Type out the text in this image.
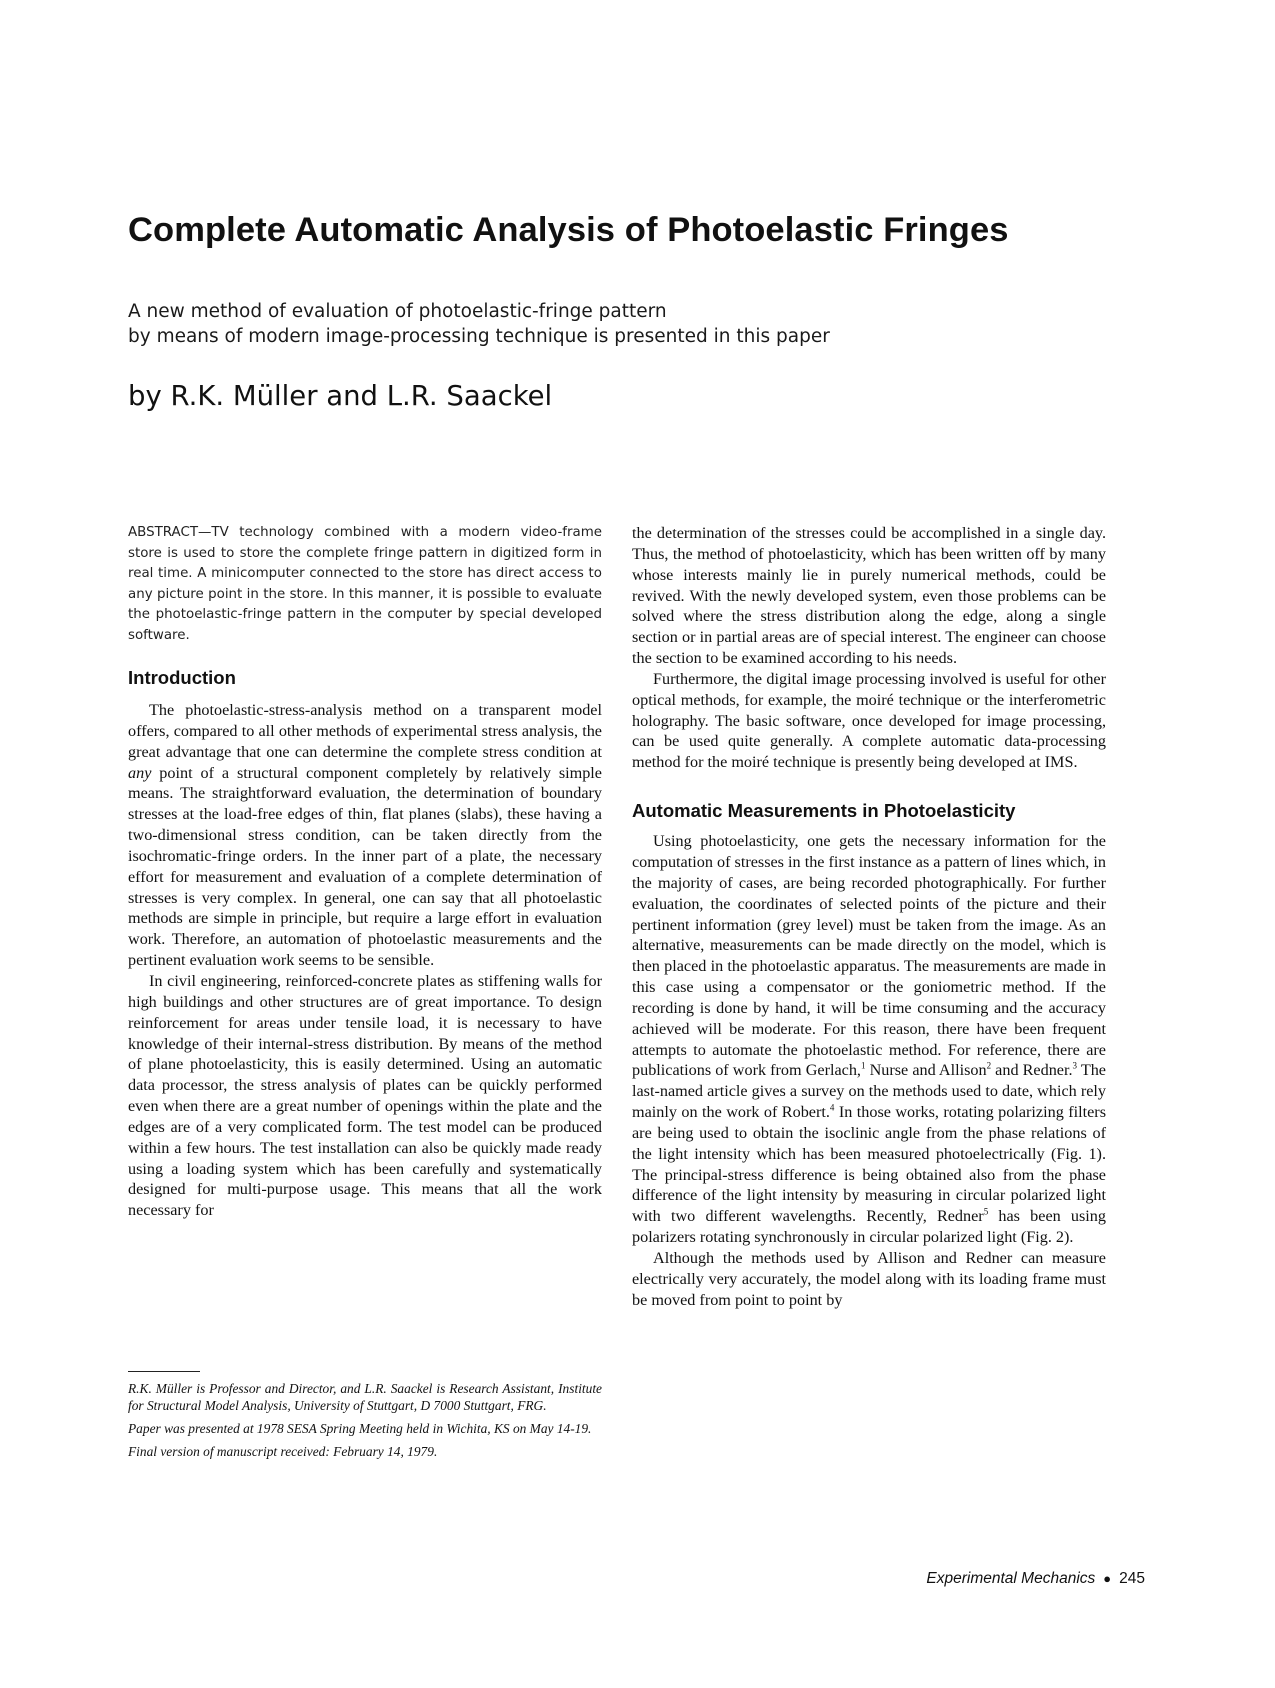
Complete Automatic Analysis of Photoelastic Fringes
A new method of evaluation of photoelastic-fringe pattern
by means of modern image-processing technique is presented in this paper
by R.K. Müller and L.R. Saackel

ABSTRACT—TV technology combined with a modern video-frame store is used to store the complete fringe pattern in digitized form in real time. A minicomputer connected to the store has direct access to any picture point in the store. In this manner, it is possible to evaluate the photoelastic-fringe pattern in the computer by special developed software.

Introduction

The photoelastic-stress-analysis method on a transparent model offers, compared to all other methods of experimental stress analysis, the great advantage that one can determine the complete stress condition at any point of a structural component completely by relatively simple means. The straightforward evaluation, the determination of boundary stresses at the load-free edges of thin, flat planes (slabs), these having a two-dimensional stress condition, can be taken directly from the isochromatic-fringe orders. In the inner part of a plate, the necessary effort for measurement and evaluation of a complete determination of stresses is very complex. In general, one can say that all photoelastic methods are simple in principle, but require a large effort in evaluation work. Therefore, an automation of photoelastic measurements and the pertinent evaluation work seems to be sensible.

In civil engineering, reinforced-concrete plates as stiffening walls for high buildings and other structures are of great importance. To design reinforcement for areas under tensile load, it is necessary to have knowledge of their internal-stress distribution. By means of the method of plane photoelasticity, this is easily determined. Using an automatic data processor, the stress analysis of plates can be quickly performed even when there are a great number of openings within the plate and the edges are of a very complicated form. The test model can be produced within a few hours. The test installation can also be quickly made ready using a loading system which has been carefully and systematically designed for multi-purpose usage. This means that all the work necessary for

R.K. Müller is Professor and Director, and L.R. Saackel is Research Assistant, Institute for Structural Model Analysis, University of Stuttgart, D 7000 Stuttgart, FRG.

Paper was presented at 1978 SESA Spring Meeting held in Wichita, KS on May 14-19.

Final version of manuscript received: February 14, 1979.

the determination of the stresses could be accomplished in a single day. Thus, the method of photoelasticity, which has been written off by many whose interests mainly lie in purely numerical methods, could be revived. With the newly developed system, even those problems can be solved where the stress distribution along the edge, along a single section or in partial areas are of special interest. The engineer can choose the section to be examined according to his needs.

Furthermore, the digital image processing involved is useful for other optical methods, for example, the moiré technique or the interferometric holography. The basic software, once developed for image processing, can be used quite generally. A complete automatic data-processing method for the moiré technique is presently being developed at IMS.

Automatic Measurements in Photoelasticity

Using photoelasticity, one gets the necessary information for the computation of stresses in the first instance as a pattern of lines which, in the majority of cases, are being recorded photographically. For further evaluation, the coordinates of selected points of the picture and their pertinent information (grey level) must be taken from the image. As an alternative, measurements can be made directly on the model, which is then placed in the photoelastic apparatus. The measurements are made in this case using a compensator or the goniometric method. If the recording is done by hand, it will be time consuming and the accuracy achieved will be moderate. For this reason, there have been frequent attempts to automate the photoelastic method. For reference, there are publications of work from Gerlach,$^1$ Nurse and Allison$^2$ and Redner.$^3$ The last-named article gives a survey on the methods used to date, which rely mainly on the work of Robert.$^4$ In those works, rotating polarizing filters are being used to obtain the isoclinic angle from the phase relations of the light intensity which has been measured photoelectrically (Fig. 1). The principal-stress difference is being obtained also from the phase difference of the light intensity by measuring in circular polarized light with two different wavelengths. Recently, Redner$^5$ has been using polarizers rotating synchronously in circular polarized light (Fig. 2).

Although the methods used by Allison and Redner can measure electrically very accurately, the model along with its loading frame must be moved from point to point by

Experimental Mechanics ● 245
